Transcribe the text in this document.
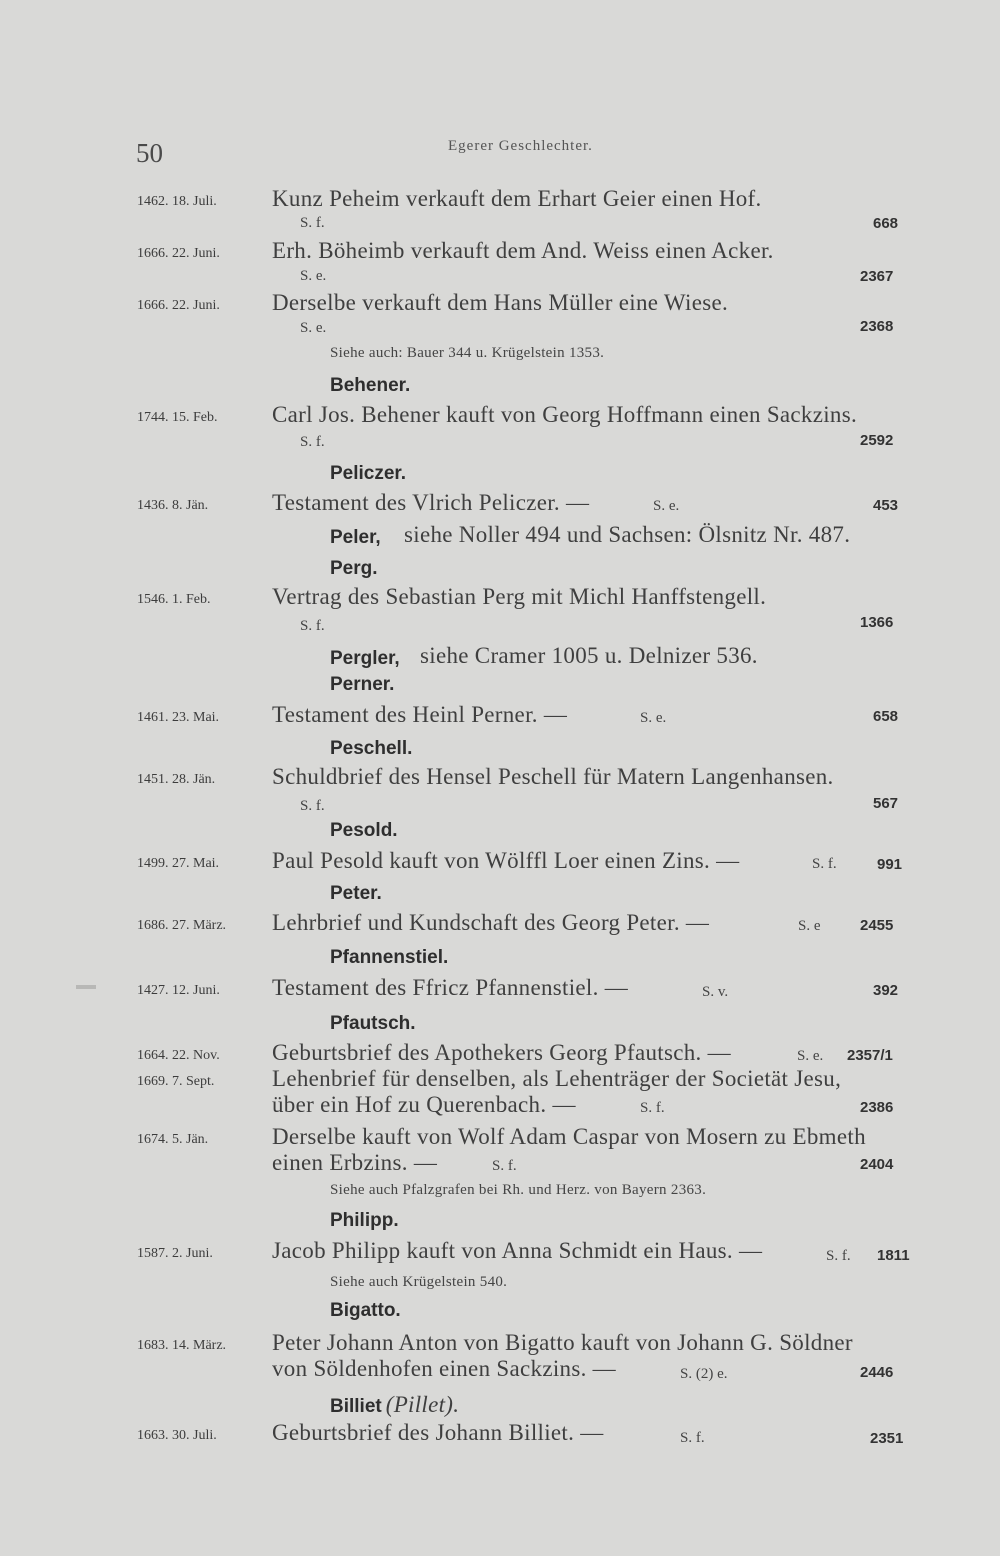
50	Egerer Geschlechter.
1462. 18. Juli. Kunz Peheim verkauft dem Erhart Geier einen Hof.
S. f.	668
1666. 22. Juni. Erh. Böheimb verkauft dem And. Weiss einen Acker.
S. e.	2367
1666. 22. Juni. Derselbe verkauft dem Hans Müller eine Wiese.
S. e.	2368
Siehe auch: Bauer 344 u. Krügelstein 1353.
Behener.
1744. 15. Feb. Carl Jos. Behener kauft von Georg Hoffmann einen Sackzins.
S. f.	2592
Peliczer.
1436. 8. Jän.	Testament des Vlrich Peliczer. —	S. e.	453
Peler, siehe Noller 494 und Sachsen: Ölsnitz Nr. 487.
Perg.
1546. 1. Feb.	Vertrag des Sebastian Perg mit Michl Hanffstengell.
S. f.	1366
Pergler, siehe Cramer 1005 u. Delnizer 536.
Perner.
1461. 23. Mai. Testament des Heinl Perner. —	S. e.	658
Peschell.
1451. 28. Jän. Schuldbrief des Hensel Peschell für Matern Langenhansen.
S. f.	567
Pesold.
1499. 27. Mai. Paul Pesold kauft von Wölffl Loer einen Zins. —	S. f.	991
Peter.
1686. 27. März. Lehrbrief und Kundschaft des Georg Peter. —	S. e	2455
Pfannenstiel.
1427. 12. Juni. Testament des Ffricz Pfannenstiel. —	S. v.	392
Pfautsch.
1664. 22. Nov. Geburtsbrief des Apothekers Georg Pfautsch. —	S. e. 2357/1
1669. 7. Sept.	Lehenbrief für denselben, als Lehenträger der Societät Jesu,
über ein Hof zu Querenbach. —	S. f.	2386
1674. 5. Jän.	Derselbe kauft von Wolf Adam Caspar von Mosern zu Ebmeth
einen Erbzins. —	S. f.	2404
Siehe auch Pfalzgrafen bei Rh. und Herz. von Bayern 2363.
Philipp.
1587. 2. Juni.	Jacob Philipp kauft von Anna Schmidt ein Haus. —	S. f. 1811
Siehe auch Krügelstein 540.
Bigatto.
1683. 14. März. Peter Johann Anton von Bigatto kauft von Johann G. Söldner
von Söldenhofen einen Sackzins. —	S. (2) e.	2446
Billiet (Pillet).
1663. 30. Juli. Geburtsbrief des Johann Billiet. —	S. f.	2351
